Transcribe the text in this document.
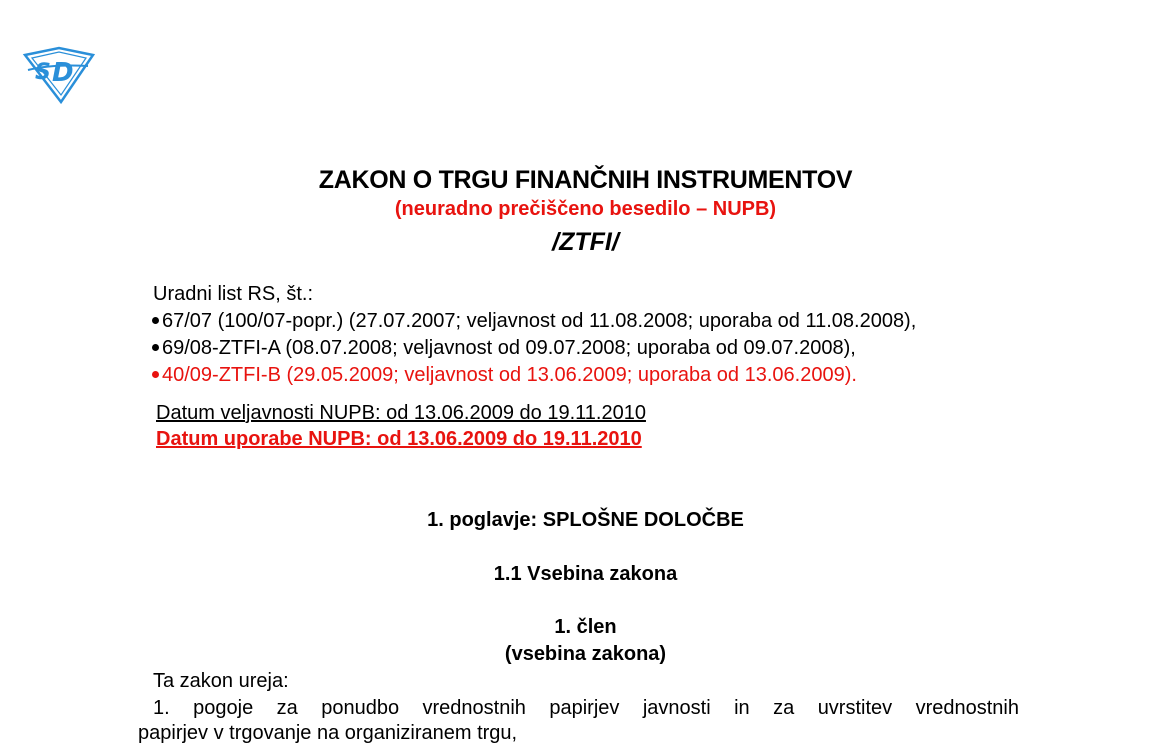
S D
ZAKON O TRGU FINANČNIH INSTRUMENTOV
(neuradno prečiščeno besedilo – NUPB)
/ZTFI/
Uradni list RS, št.:
67/07 (100/07-popr.) (27.07.2007; veljavnost od 11.08.2008; uporaba od 11.08.2008),
69/08-ZTFI-A (08.07.2008; veljavnost od 09.07.2008; uporaba od 09.07.2008),
40/09-ZTFI-B (29.05.2009; veljavnost od 13.06.2009; uporaba od 13.06.2009).
Datum veljavnosti NUPB: od 13.06.2009 do 19.11.2010
Datum uporabe NUPB: od 13.06.2009 do 19.11.2010
1. poglavje: SPLOŠNE DOLOČBE
1.1 Vsebina zakona
1. člen
(vsebina zakona)
Ta zakon ureja:
1. pogoje za ponudbo vrednostnih papirjev javnosti in za uvrstitev vrednostnih
papirjev v trgovanje na organiziranem trgu,
